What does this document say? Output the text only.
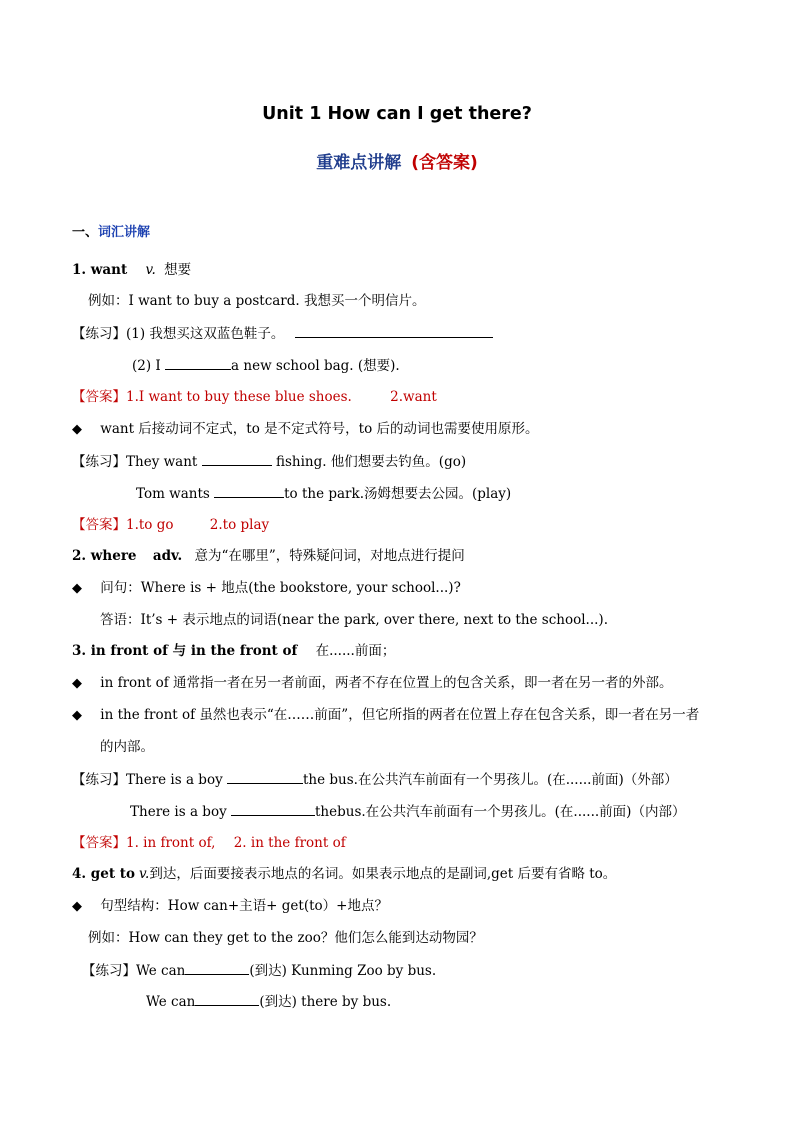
Unit 1 How can I get there?
重难点讲解 (含答案)
一、词汇讲解
1. want v. 想要
例如：I want to buy a postcard. 我想买一个明信片。
【练习】(1) 我想买这双蓝色鞋子。
(2) I	a new school bag. (想要).
【答案】1.I want to buy these blue shoes.	2.want
◆ want 后接动词不定式，to 是不定式符号，to 后的动词也需要使用原形。
【练习】They want	fishing. 他们想要去钓鱼。(go)
Tom wants	to the park.汤姆想要去公园。(play)
【答案】1.to go	2.to play
2. where adv. 意为“在哪里”，特殊疑问词，对地点进行提问
◆ 问句：Where is + 地点(the bookstore, your school...)?
答语：It’s + 表示地点的词语(near the park, over there, next to the school...).
3. in front of 与 in the front of 在......前面；
◆ in front of 通常指一者在另一者前面，两者不存在位置上的包含关系，即一者在另一者的外部。
◆ in the front of 虽然也表示“在……前面”，但它所指的两者在位置上存在包含关系，即一者在另一者
的内部。
【练习】There is a boy	the bus.在公共汽车前面有一个男孩儿。(在......前面)（外部）
There is a boy	thebus.在公共汽车前面有一个男孩儿。(在......前面)（内部）
【答案】1. in front of, 2. in the front of
4. get to v.到达，后面要接表示地点的名词。如果表示地点的是副词,get 后要有省略 to。
◆ 句型结构：How can+主语+ get(to）+地点？
例如：How can they get to the zoo？他们怎么能到达动物园？
【练习】We can	(到达) Kunming Zoo by bus.
We can	(到达) there by bus.
